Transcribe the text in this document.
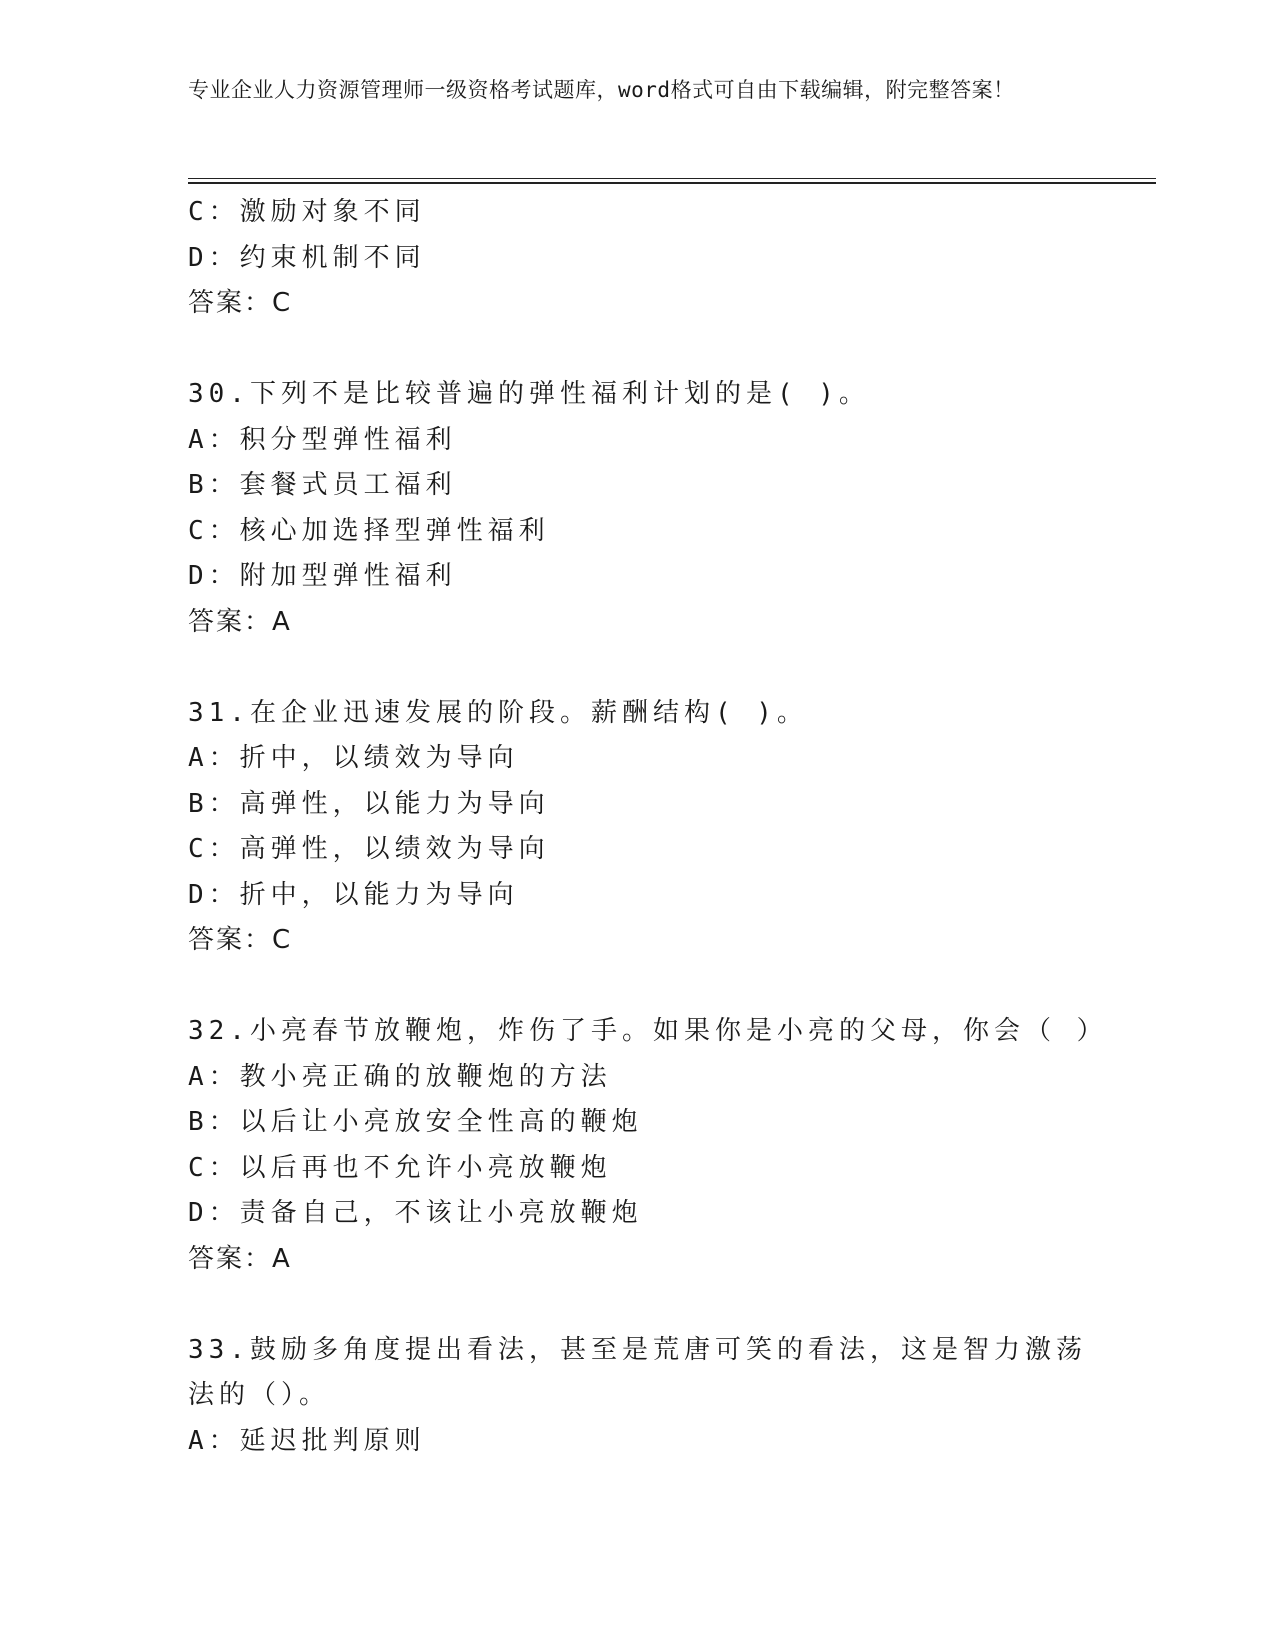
专业企业人力资源管理师一级资格考试题库，word格式可自由下载编辑，附完整答案！
C：激励对象不同
D：约束机制不同
答案：C
30.下列不是比较普遍的弹性福利计划的是( )。
A：积分型弹性福利
B：套餐式员工福利
C：核心加选择型弹性福利
D：附加型弹性福利
答案：A
31.在企业迅速发展的阶段。薪酬结构( )。
A：折中，以绩效为导向
B：高弹性，以能力为导向
C：高弹性，以绩效为导向
D：折中，以能力为导向
答案：C
32.小亮春节放鞭炮，炸伤了手。如果你是小亮的父母，你会（ ）
A：教小亮正确的放鞭炮的方法
B：以后让小亮放安全性高的鞭炮
C：以后再也不允许小亮放鞭炮
D：责备自己，不该让小亮放鞭炮
答案：A
33.鼓励多角度提出看法，甚至是荒唐可笑的看法，这是智力激荡法的（）。
A：延迟批判原则
